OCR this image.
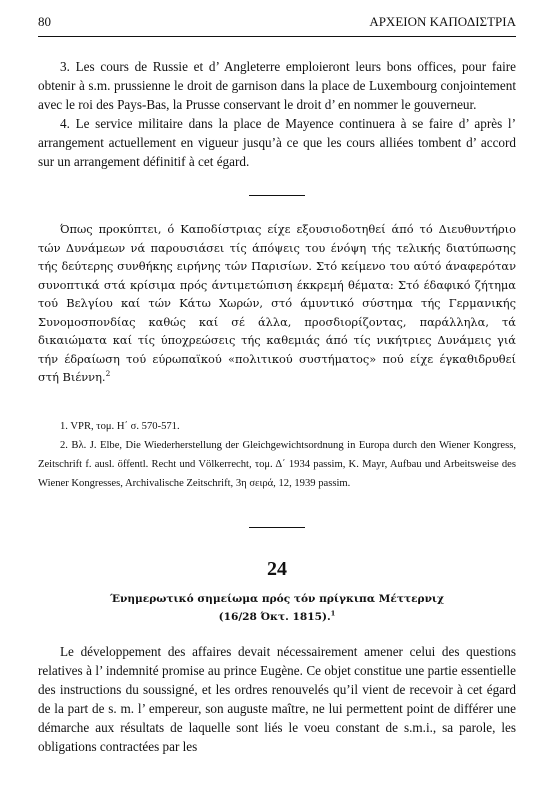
80	ΑΡΧΕΙΟΝ ΚΑΠΟΔΙΣΤΡΙΑ

3. Les cours de Russie et d’ Angleterre emploieront leurs bons offices, pour faire obtenir à s.m. prussienne le droit de garnison dans la place de Luxembourg conjointement avec le roi des Pays-Bas, la Prusse conservant le droit d’ en nommer le gouverneur.

4. Le service militaire dans la place de Mayence continuera à se faire d’ après l’ arrangement actuellement en vigueur jusqu’à ce que les cours alliées tombent d’ accord sur un arrangement définitif à cet égard.

Όπως προκύπτει, ό Καποδίστριας είχε εξουσιοδοτηθεί άπό τό Διευθυντήριο τών Δυνάμεων νά παρουσιάσει τίς άπόψεις του ένόψη τής τελικής διατύπωσης τής δεύτερης συνθήκης ειρήνης τών Παρισίων. Στό κείμενο του αύτό άναφερόταν συνοπτικά στά κρίσιμα πρός άντιμετώπιση έκκρεμή θέματα: Στό έδαφικό ζήτημα τού Βελγίου καί τών Κάτω Χωρών, στό άμυντικό σύστημα τής Γερμανικής Συνομοσπονδίας καθώς καί σέ άλλα, προσδιορίζοντας, παράλληλα, τά δικαιώματα καί τίς ύποχρεώσεις τής καθεμιάς άπό τίς νικήτριες Δυνάμεις γιά τήν έδραίωση τού εύρωπαϊκού «πολιτικού συστήματος» πού είχε έγκαθιδρυθεί στή Βιέννη.$^2$

1. VPR, τομ. Η΄ σ. 570-571.

2. Βλ. J. Elbe, Die Wiederherstellung der Gleichgewichtsordnung in Europa durch den Wiener Kongress, Zeitschrift f. ausl. öffentl. Recht und Völkerrecht, τομ. Δ΄ 1934 passim, K. Mayr, Aufbau und Arbeitsweise des Wiener Kongresses, Archivalische Zeitschrift, 3η σειρά, 12, 1939 passim.

24
Ένημερωτικό σημείωμα πρός τόν πρίγκιπα Μέττερνιχ
(16/28 Όκτ. 1815).$^1$

Le développement des affaires devait nécessairement amener celui des questions relatives à l’ indemnité promise au prince Eugène. Ce objet constitue une partie essentielle des instructions du soussigné, et les ordres renouvelés qu’il vient de recevoir à cet égard de la part de s. m. l’ empereur, son auguste maître, ne lui permettent point de différer une démarche aux résultats de laquelle sont liés le voeu constant de s.m.i., sa parole, les obligations contractées par les
